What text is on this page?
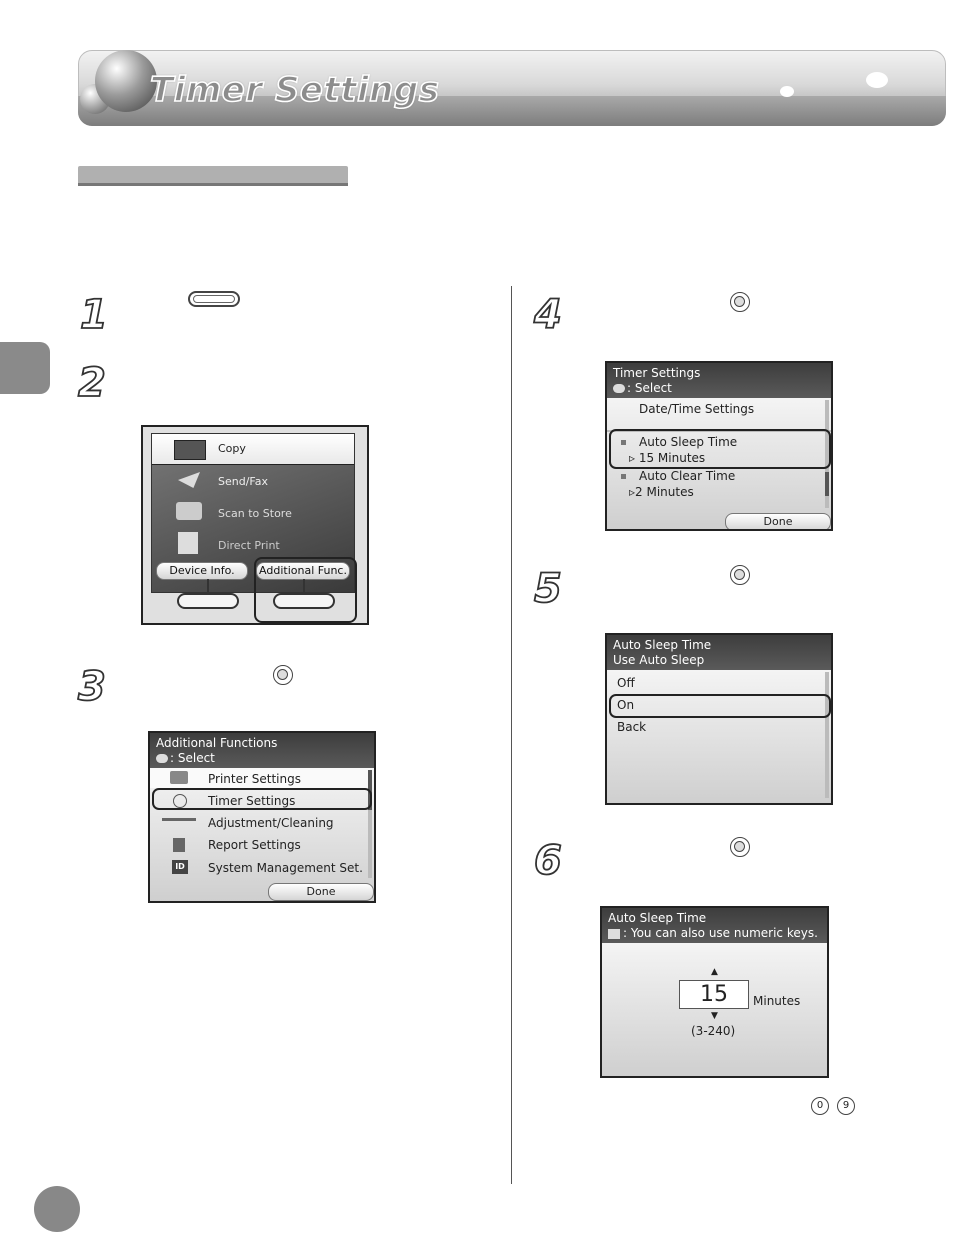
Timer Settings
1
2
3
4
5
6
0	9
Copy
Send/Fax
Scan to Store
Direct Print
Device Info.	Additional Func.
Additional Functions
: Select
Printer Settings
Timer Settings
Adjustment/Cleaning
Report Settings
ID System Management Set.
Done
Timer Settings
: Select
Date/Time Settings
Auto Sleep Time
▹ 15 Minutes
Auto Clear Time
▹2 Minutes
Done
Auto Sleep Time
Use Auto Sleep
Off
On
Back
Auto Sleep Time
: You can also use numeric keys.
▲
15	Minutes
▼
(3-240)
